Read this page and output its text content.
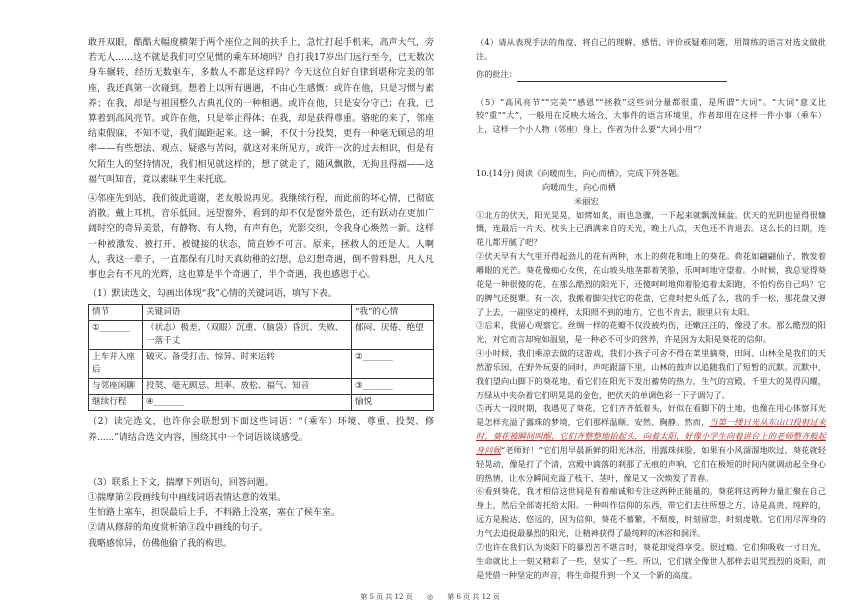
敢开双眼，酷酷大幅度横架于两个座位之间的扶手上，急忙打起手机来，高声大气，旁若无人……这不就是我们可空见惯的乘车环境吗？自打我17岁出门远行至今，已无数次身车辗转，经历无数驱车，多数人不都是这样吗？今天这位自好自律到堪称完美的邻座，我还真第一次碰到。想着上以所有遇遇，不由心生感慨：或许在他，只是习惯与素养；在我，却是与祖国整久古典礼仪的一种相遇。或许在他，只是安分守己；在我，已算着到高风亮节。或许在他，只是举止得体；在我，却是获得尊重。骆驼的来了，邻座结束假寐，不知不觉，我们阖距起来。这一瞬，不仅十分投契，更有一种毫无顾忌的坦率——有些想法、观点、疑惑与苦闷，就这对来所见方，或许一次的过去相识，但是有欠陌生人的坚持情况，我们相见就这样的，想了就走了，随风飘散，无拘且得福——这福气叫知音，竟以素昧平生来托底。

④邻座先到站，我们彼此道谢，老友般说再见。我继续行程，而此前的坏心情，已彻底消散。戴上耳机，音乐低回。远望窗外，看到的却不仅是窗外景色，还有跃动在更加广阔时空的奇异美景，有静物、有人物，有声有色，光影交织，令我身心焕然一新。这样一种被激发、被打开、被键接的状态，简直妙不可言。原来，拯救人的还是人。人啊人，我这一辈子，一直都保有几时天真幼稚的幻想，总幻想奇遇，倒不曾料想，凡人凡事也会有不凡的光辉，这也算是半个奇遇了，半个奇遇，我也感恩于心。

（1）默读选文，勾画出体现“我”心情的关键词语，填写下表。

情节	关键词语	“我”的心情
①_______	（状态）极差、（双眼）沉重、（脑袋）昏沉、失败、一落千丈	郁闷、厌倦、绝望
上车并入座后	破灭、备受打击、惊异、时来运转	②_______
与邻座闲聊	投契、毫无顾忌、坦率、放松、福气、知音	③_______
继续行程	④_______	愉悦

（2）读完选文，也许你会联想到下面这些词语：“（乘车）环境、尊重、投契、修养......”请结合选文内容，围绕其中一个词语谈谈感受。

（3）联系上下文，揣摩下列语句，回答问题。

①揣摩第②段画线句中画线词语表情达意的效果。

生怕路上塞车，担误最后上手，不料路上没塞，塞在了候车室。

②请从修辞的角度赏析第③段中画线的句子。

我略感惊异，仿佛他偷了我的构思。

（4）请从表现手法的角度，将自己的理解、感悟、评价或疑难问题，用简练的语言对选文做批注。

你的批注：

（5）“高风亮节”“完美”“感恩”“拯救”这些词分量都很重，是所谓“大词”。“大词”意义比较“重”“大”，一般用在反映大场合、大事件的语言环境里，作者却用在这样一件小事（乘车）上，这样一个小人物（邻座）身上，作者为什么要“大词小用”？

10.(14分) 阅读《向暖而生，向心而栖》，完成下列各题。

向暖而生，向心而栖

米丽宏

①北方的伏天，阳光晃晃，如烤如炙，雨也急骤，一下起来就飘泼倾盆。伏天的光阴也显得很慷慨，连最后一片天，枕头上已洒满来自的天光，晚上八点，天色还不肯退去。这么长的日期，连花儿都开腻了吧？

②伏天早有大气里开得起劲儿的花有两种，水上的荷花和地上的葵花。荷花如翩翩仙子，散发着雕眼的光芒。葵花像痴心女侠，在山坡头地垄都着笑脸，乐呵呵地守望着。小时候，我总觉得葵花是一种很傻的花，在那么酷烈的阳光下，还傻呵呵地仰着脸追着太阳跑，不怕灼伤自己吗？它的脾气还挺犟。有一次，我搬着脚尖找它的花盘，它竟时把头低了么，我的手一松，那花盘又弹了上去，一副坚定的模样，太阳照不到的地方，它也不肯去，眼里只有太阳。

③后来，我留心观察它。丝绸一样的花瓣不仅没被灼伤，还嫩汪汪的，像浸了水。那么酷烈的阳光，对它而言却宛如温泉，是一种必不可少的营养，许是因为太阳是葵花的信仰。

④小时候，我们乘凉去做的这游戏，我们小孩子可舍不得在菜里摘葵，田间、山林全是我们的天然游乐园，在野外玩耍的同时，声咤跟溜下里，山林的鼓声以追随我们了短暂的沉默。沉默中，我们望向山脚下的葵花地，看它们在阳光下发出蓄势的热力，生气的宫殿，千里大的晃得闪耀，万绿从中夹杂着它们明晃晃的金色，把伏天的单调色彩一下子调匀了。

⑤再大一段时期，我遇见了葵花，它们齐齐低着头，好似在看脚下的土地，也像在用心体察耳光是怎样充溢了露珠的梦境，它们那样温顺、安然、胸静。然而，当第一缕日光从东山口投射过来时，葵花被瞬间叫醒，它们齐整整地抬起头，向着太阳，好像小学生向着讲台上的老师整齐般起身问候“老师好！”它们用早晨新鲜的阳光沐浴，用露珠抹脸，如果有小风溜溜地吹过，葵花就轻轻晃动，像是打了个清，宫殿中滴落的刹那了无痕的声响，它们在极短的时间内就调动起全身心的热情，让水分瞬间充溢了枝干、茎叶，像是又一次焕发了青春。

⑥看到葵花，我才相信这世间是有着痴诚和专注这两种正能量的。葵花将这两种力量汇聚在自己身上，然后全部寄托给太阳。一种叫作信仰的东西，带它们去往所想之方，诗是高贵、纯粹的，远方是脱达、悠远的，因为信仰，葵花不慕繁，不颓废，时刻留恋，时刻虔敬。它们用尽浑身的力气去追捉最暴烈的阳光，让精神获得了最纯粹的沐浴和洞洋。

⑦也许在我们认为炎阳下的暴烈苦不堪言时，葵花却觉得享受。很过瘾。它们仰吸收一寸日光，生命就比上一刻又精彩了一些，坚实了一些。所以，它们就全像世人那样去诅咒烈烈的炎阳，而是凭借一种坚定的声音，将生命提升到一个又一个新的高度。

第 5 页 共 12 页 ◎ 第 6 页 共 12 页
